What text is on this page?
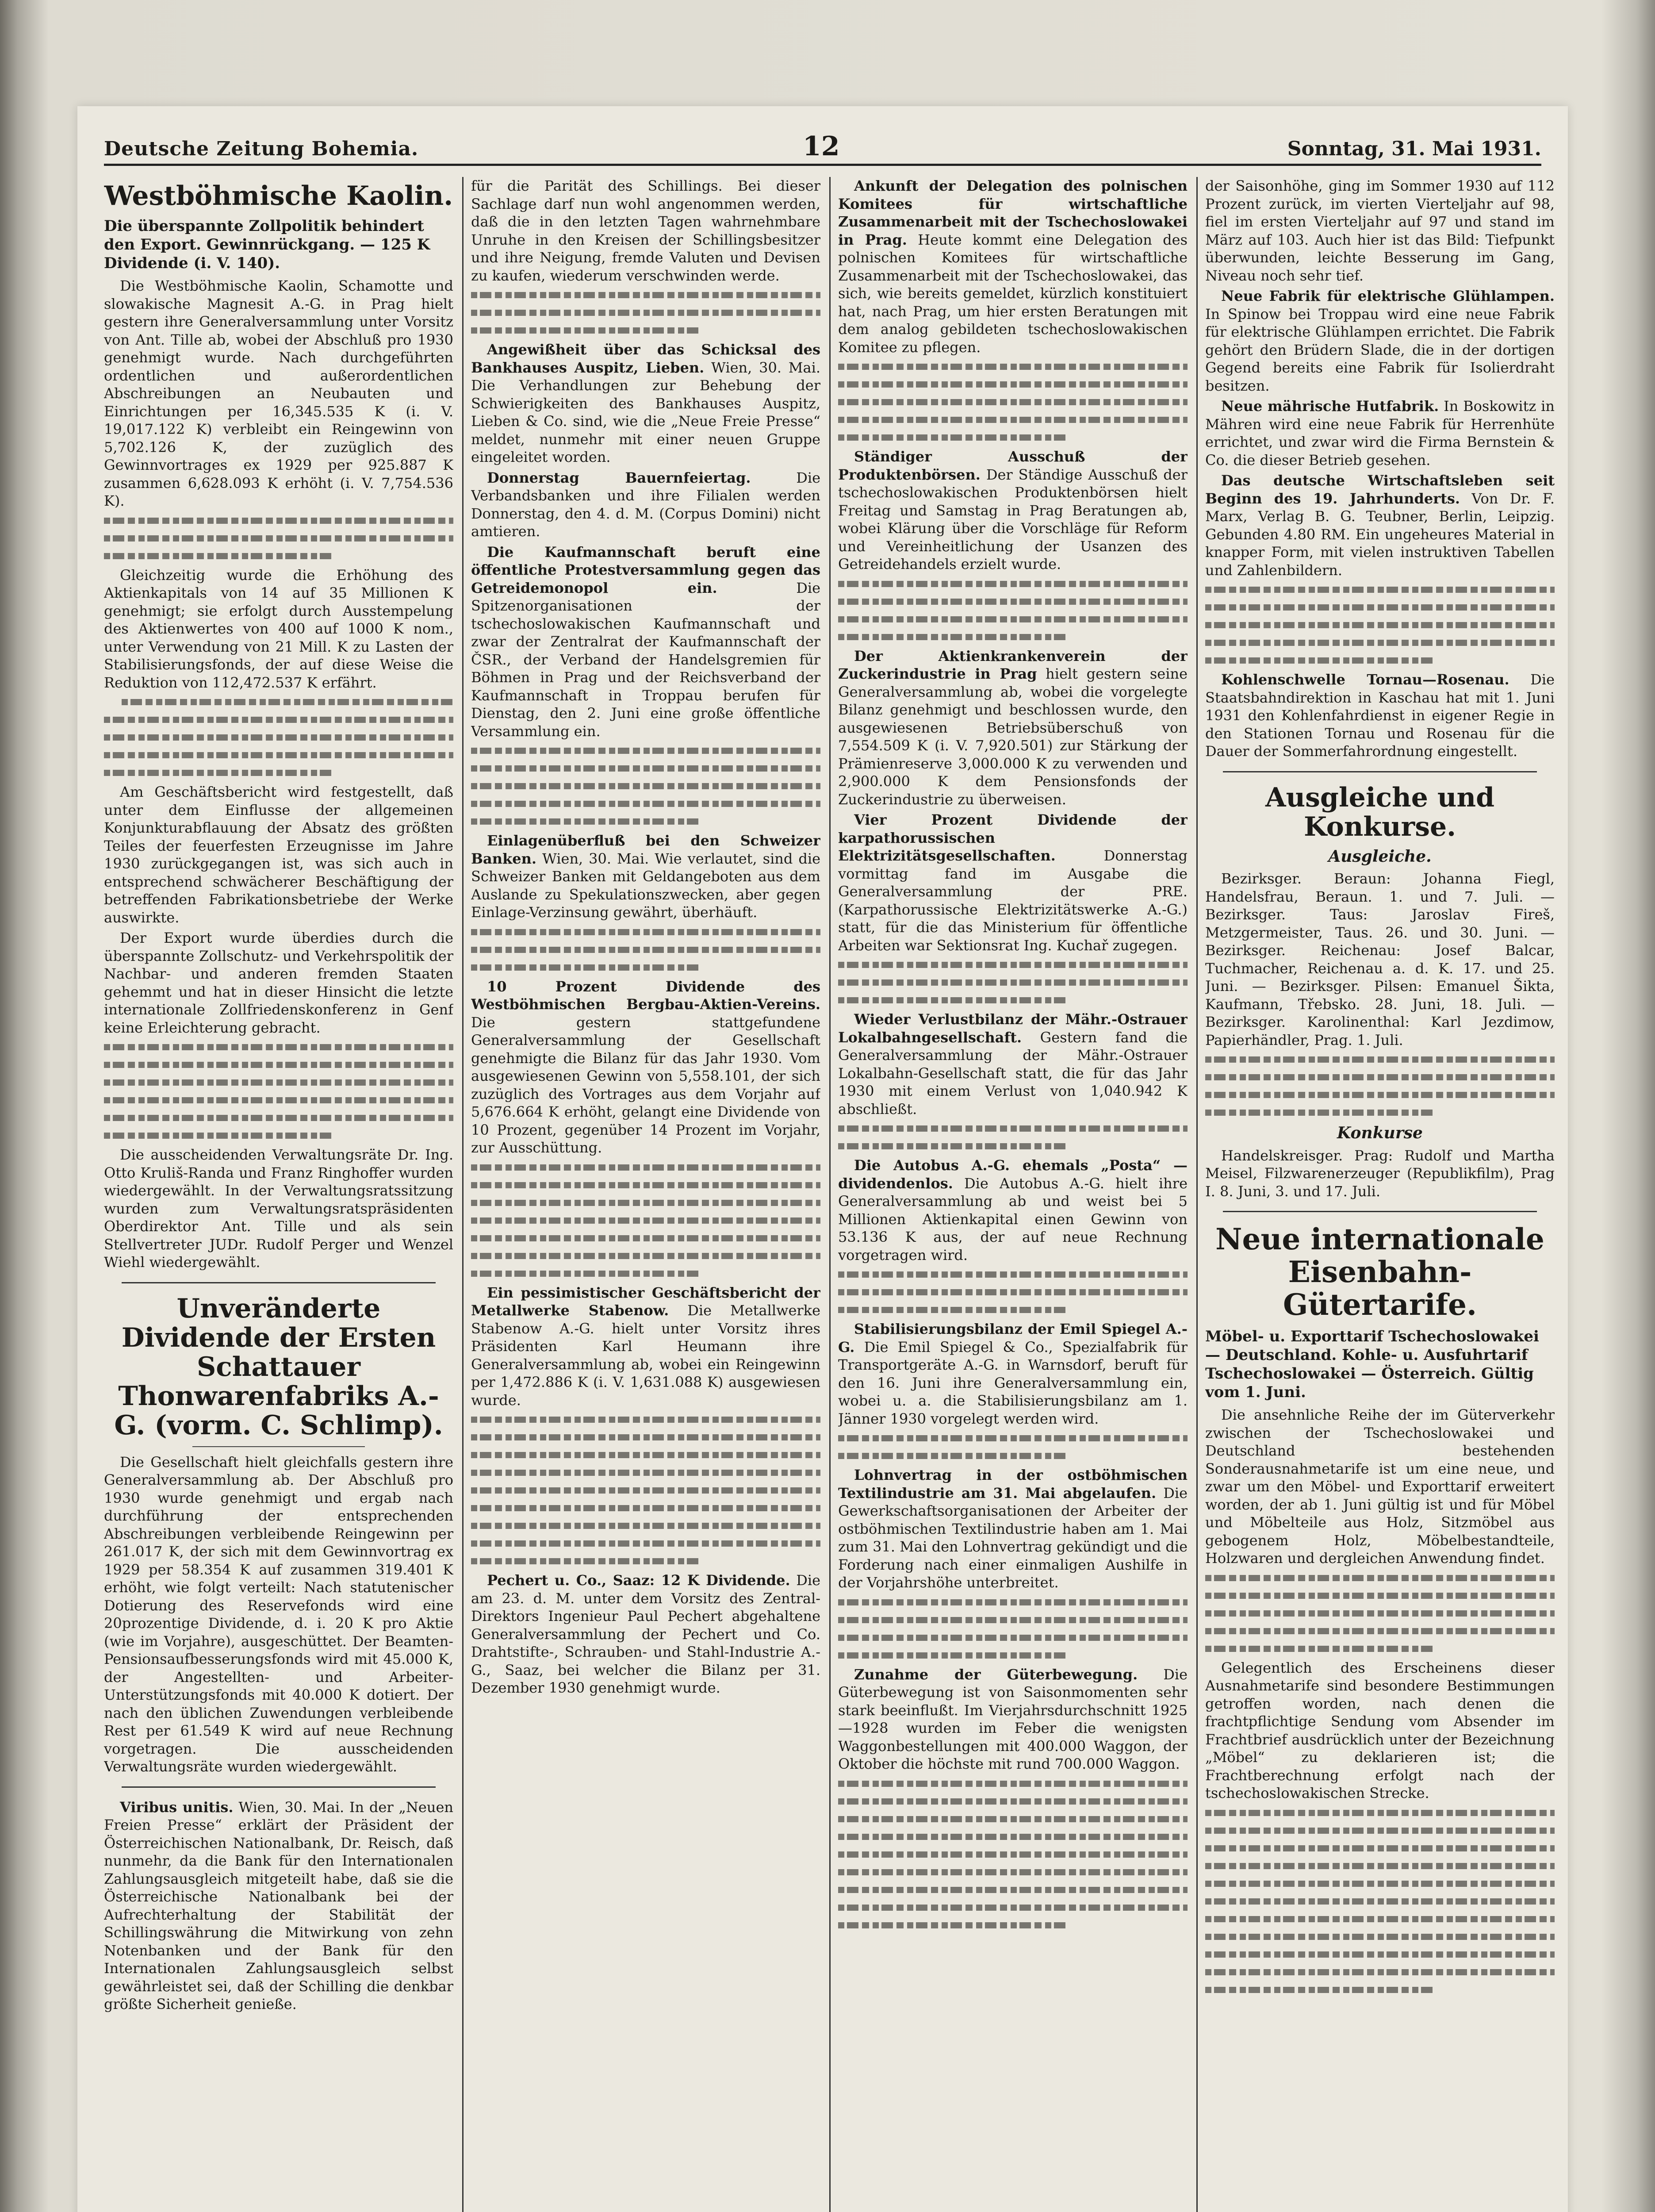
Deutsche Zeitung Bohemia.	12	Sonntag, 31. Mai 1931.
Westböhmische Kaolin.
Die überspannte Zollpolitik behindert den Export. Gewinnrückgang. — 125 K Dividende (i. V. 140).

Die Westböhmische Kaolin, Schamotte und slowakische Magnesit A.-G. in Prag hielt gestern ihre Generalversammlung unter Vorsitz von Ant. Tille ab, wobei der Abschluß pro 1930 genehmigt wurde. Nach durchgeführten ordentlichen und außerordentlichen Abschreibungen an Neubauten und Einrichtungen per 16,345.535 K (i. V. 19,017.122 K) verbleibt ein Reingewinn von 5,702.126 K, der zuzüglich des Gewinnvortrages ex 1929 per 925.887 K zusammen 6,628.093 K erhöht (i. V. 7,754.536 K).

Gleichzeitig wurde die Erhöhung des Aktienkapitals von 14 auf 35 Millionen K genehmigt; sie erfolgt durch Ausstempelung des Aktienwertes von 400 auf 1000 K nom., unter Verwendung von 21 Mill. K zu Lasten der Stabilisierungsfonds, der auf diese Weise die Reduktion von 112,472.537 K erfährt.

Am Geschäftsbericht wird festgestellt, daß unter dem Einflusse der allgemeinen Konjunkturabflauung der Absatz des größten Teiles der feuerfesten Erzeugnisse im Jahre 1930 zurückgegangen ist, was sich auch in entsprechend schwächerer Beschäftigung der betreffenden Fabrikationsbetriebe der Werke auswirkte.

Der Export wurde überdies durch die überspannte Zollschutz- und Verkehrspolitik der Nachbar- und anderen fremden Staaten gehemmt und hat in dieser Hinsicht die letzte internationale Zollfriedenskonferenz in Genf keine Erleichterung gebracht.

Die ausscheidenden Verwaltungsräte Dr. Ing. Otto Kruliš-Randa und Franz Ringhoffer wurden wiedergewählt. In der Verwaltungsratssitzung wurden zum Verwaltungsratspräsidenten Oberdirektor Ant. Tille und als sein Stellvertreter JUDr. Rudolf Perger und Wenzel Wiehl wiedergewählt.

Unveränderte Dividende der Ersten Schattauer Thonwarenfabriks A.-G. (vorm. C. Schlimp).

Die Gesellschaft hielt gleichfalls gestern ihre Generalversammlung ab. Der Abschluß pro 1930 wurde genehmigt und ergab nach durchführung der entsprechenden Abschreibungen verbleibende Reingewinn per 261.017 K, der sich mit dem Gewinnvortrag ex 1929 per 58.354 K auf zusammen 319.401 K erhöht, wie folgt verteilt: Nach statutenischer Dotierung des Reservefonds wird eine 20prozentige Dividende, d. i. 20 K pro Aktie (wie im Vorjahre), ausgeschüttet. Der Beamten-Pensionsaufbesserungsfonds wird mit 45.000 K, der Angestellten- und Arbeiter-Unterstützungsfonds mit 40.000 K dotiert. Der nach den üblichen Zuwendungen verbleibende Rest per 61.549 K wird auf neue Rechnung vorgetragen. Die ausscheidenden Verwaltungsräte wurden wiedergewählt.

Viribus unitis. Wien, 30. Mai. In der „Neuen Freien Presse“ erklärt der Präsident der Österreichischen Nationalbank, Dr. Reisch, daß nunmehr, da die Bank für den Internationalen Zahlungsausgleich mitgeteilt habe, daß sie die Österreichische Nationalbank bei der Aufrechterhaltung der Stabilität der Schillingswährung die Mitwirkung von zehn Notenbanken und der Bank für den Internationalen Zahlungsausgleich selbst gewährleistet sei, daß der Schilling die denkbar größte Sicherheit genieße.

für die Parität des Schillings. Bei dieser Sachlage darf nun wohl angenommen werden, daß die in den letzten Tagen wahrnehmbare Unruhe in den Kreisen der Schillingsbesitzer und ihre Neigung, fremde Valuten und Devisen zu kaufen, wiederum verschwinden werde.

Angewißheit über das Schicksal des Bankhauses Auspitz, Lieben. Wien, 30. Mai. Die Verhandlungen zur Behebung der Schwierigkeiten des Bankhauses Auspitz, Lieben & Co. sind, wie die „Neue Freie Presse“ meldet, nunmehr mit einer neuen Gruppe eingeleitet worden.

Donnerstag Bauernfeiertag.	Die Verbandsbanken und ihre Filialen werden Donnerstag, den 4. d. M. (Corpus Domini) nicht amtieren.

Die Kaufmannschaft beruft eine öffentliche Protestversammlung gegen das Getreidemonopol ein.	Die Spitzenorganisationen der tschechoslowakischen Kaufmannschaft und zwar der Zentralrat der Kaufmannschaft der ČSR., der Verband der Handelsgremien für Böhmen in Prag und der Reichsverband der Kaufmannschaft in Troppau berufen für Dienstag, den 2. Juni eine große öffentliche Versammlung ein.

Einlagenüberfluß bei den Schweizer Banken. Wien, 30. Mai. Wie verlautet, sind die Schweizer Banken mit Geldangeboten aus dem Auslande zu Spekulationszwecken, aber gegen Einlage-Verzinsung gewährt, überhäuft.

10 Prozent Dividende des Westböhmischen Bergbau-Aktien-Vereins. Die gestern stattgefundene Generalversammlung der Gesellschaft genehmigte die Bilanz für das Jahr 1930. Vom ausgewiesenen Gewinn von 5,558.101, der sich zuzüglich des Vortrages aus dem Vorjahr auf 5,676.664 K erhöht, gelangt eine Dividende von 10 Prozent, gegenüber 14 Prozent im Vorjahr, zur Ausschüttung.

Ein pessimistischer Geschäftsbericht der Metallwerke Stabenow. Die Metallwerke Stabenow A.-G. hielt unter Vorsitz ihres Präsidenten Karl Heumann ihre Generalversammlung ab, wobei ein Reingewinn per 1,472.886 K (i. V. 1,631.088 K) ausgewiesen wurde.

Pechert u. Co., Saaz: 12 K Dividende. Die am 23. d. M. unter dem Vorsitz des Zentral-Direktors Ingenieur Paul Pechert abgehaltene Generalversammlung der Pechert und Co. Drahtstifte-, Schrauben- und Stahl-Industrie A.-G., Saaz, bei welcher die Bilanz per 31. Dezember 1930 genehmigt wurde.

Ankunft der Delegation des polnischen Komitees für wirtschaftliche Zusammenarbeit mit der Tschechoslowakei in Prag. Heute kommt eine Delegation des polnischen Komitees für wirtschaftliche Zusammenarbeit mit der Tschechoslowakei, das sich, wie bereits gemeldet, kürzlich konstituiert hat, nach Prag, um hier ersten Beratungen mit dem analog gebildeten tschechoslowakischen Komitee zu pflegen.

Ständiger Ausschuß der Produktenbörsen. Der Ständige Ausschuß der tschechoslowakischen Produktenbörsen hielt Freitag und Samstag in Prag Beratungen ab, wobei Klärung über die Vorschläge für Reform und Vereinheitlichung der Usanzen des Getreidehandels erzielt wurde.

Der Aktienkrankenverein der Zuckerindustrie in Prag hielt gestern seine Generalversammlung ab, wobei die vorgelegte Bilanz genehmigt und beschlossen wurde, den ausgewiesenen Betriebsüberschuß von 7,554.509 K (i. V. 7,920.501) zur Stärkung der Prämienreserve 3,000.000 K zu verwenden und 2,900.000 K dem Pensionsfonds der Zuckerindustrie zu überweisen.

Vier Prozent Dividende der karpathorussischen Elektrizitätsgesellschaften.	Donnerstag vormittag fand im Ausgabe die Generalversammlung der PRE. (Karpathorussische Elektrizitätswerke A.-G.) statt, für die das Ministerium für öffentliche Arbeiten war Sektionsrat Ing. Kuchař zugegen.

Wieder Verlustbilanz der Mähr.-Ostrauer Lokalbahngesellschaft. Gestern fand die Generalversammlung der Mähr.-Ostrauer Lokalbahn-Gesellschaft statt, die für das Jahr 1930 mit einem Verlust von 1,040.942 K abschließt.

Die Autobus A.-G. ehemals „Posta“ — dividendenlos. Die Autobus A.-G. hielt ihre Generalversammlung ab und weist bei 5 Millionen Aktienkapital einen Gewinn von 53.136 K aus, der auf neue Rechnung vorgetragen wird.

Stabilisierungsbilanz der Emil Spiegel A.-G. Die Emil Spiegel & Co., Spezialfabrik für Transportgeräte A.-G. in Warnsdorf, beruft für den 16. Juni ihre Generalversammlung ein, wobei u. a. die Stabilisierungsbilanz am 1. Jänner 1930 vorgelegt werden wird.

Lohnvertrag in der ostböhmischen Textilindustrie am 31. Mai abgelaufen. Die Gewerkschaftsorganisationen der Arbeiter der ostböhmischen Textilindustrie haben am 1. Mai zum 31. Mai den Lohnvertrag gekündigt und die Forderung nach einer einmaligen Aushilfe in der Vorjahrshöhe unterbreitet.

Zunahme der Güterbewegung. Die Güterbewegung ist von Saisonmomenten sehr stark beeinflußt. Im Vierjahrsdurchschnitt 1925—1928 wurden im Feber die wenigsten Waggonbestellungen mit 400.000 Waggon, der Oktober die höchste mit rund 700.000 Waggon.

der Saisonhöhe, ging im Sommer 1930 auf 112 Prozent zurück, im vierten Vierteljahr auf 98, fiel im ersten Vierteljahr auf 97 und stand im März auf 103. Auch hier ist das Bild: Tiefpunkt überwunden, leichte Besserung im Gang, Niveau noch sehr tief.

Neue Fabrik für elektrische Glühlampen. In Spinow bei Troppau wird eine neue Fabrik für elektrische Glühlampen errichtet. Die Fabrik gehört den Brüdern Slade, die in der dortigen Gegend bereits eine Fabrik für Isolierdraht besitzen.

Neue mährische Hutfabrik. In Boskowitz in Mähren wird eine neue Fabrik für Herrenhüte errichtet, und zwar wird die Firma Bernstein & Co. die dieser Betrieb gesehen.

Das deutsche Wirtschaftsleben seit Beginn des 19. Jahrhunderts. Von Dr. F. Marx, Verlag B. G. Teubner, Berlin, Leipzig. Gebunden 4.80 RM. Ein ungeheures Material in knapper Form, mit vielen instruktiven Tabellen und Zahlenbildern.

Kohlenschwelle Tornau—Rosenau. Die Staatsbahndirektion in Kaschau hat mit 1. Juni 1931 den Kohlenfahrdienst in eigener Regie in den Stationen Tornau und Rosenau für die Dauer der Sommerfahrordnung eingestellt.

Ausgleiche und Konkurse.
Ausgleiche.

Bezirksger. Beraun: Johanna Fiegl, Handelsfrau, Beraun. 1. und 7. Juli. — Bezirksger. Taus: Jaroslav Fireš, Metzgermeister, Taus. 26. und 30. Juni. — Bezirksger. Reichenau: Josef Balcar, Tuchmacher, Reichenau a. d. K. 17. und 25. Juni. — Bezirksger. Pilsen: Emanuel Šikta, Kaufmann, Třebsko. 28. Juni, 18. Juli. — Bezirksger. Karolinenthal: Karl Jezdimow, Papierhändler, Prag. 1. Juli.

Konkurse

Handelskreisger. Prag: Rudolf und Martha Meisel, Filzwarenerzeuger (Republikfilm), Prag I. 8. Juni, 3. und 17. Juli.

Neue internationale Eisenbahn-Gütertarife.
Möbel- u. Exporttarif Tschechoslowakei — Deutschland. Kohle- u. Ausfuhrtarif Tschechoslowakei — Österreich. Gültig vom 1. Juni.

Die ansehnliche Reihe der im Güterverkehr zwischen der Tschechoslowakei und Deutschland bestehenden Sonderausnahmetarife ist um eine neue, und zwar um den Möbel- und Exporttarif erweitert worden, der ab 1. Juni gültig ist und für Möbel und Möbelteile aus Holz, Sitzmöbel aus gebogenem Holz, Möbelbestandteile, Holzwaren und dergleichen Anwendung findet.

Gelegentlich des Erscheinens dieser Ausnahmetarife sind besondere Bestimmungen getroffen worden, nach denen die frachtpflichtige Sendung vom Absender im Frachtbrief ausdrücklich unter der Bezeichnung „Möbel“ zu deklarieren ist; die Frachtberechnung erfolgt nach der tschechoslowakischen Strecke.
